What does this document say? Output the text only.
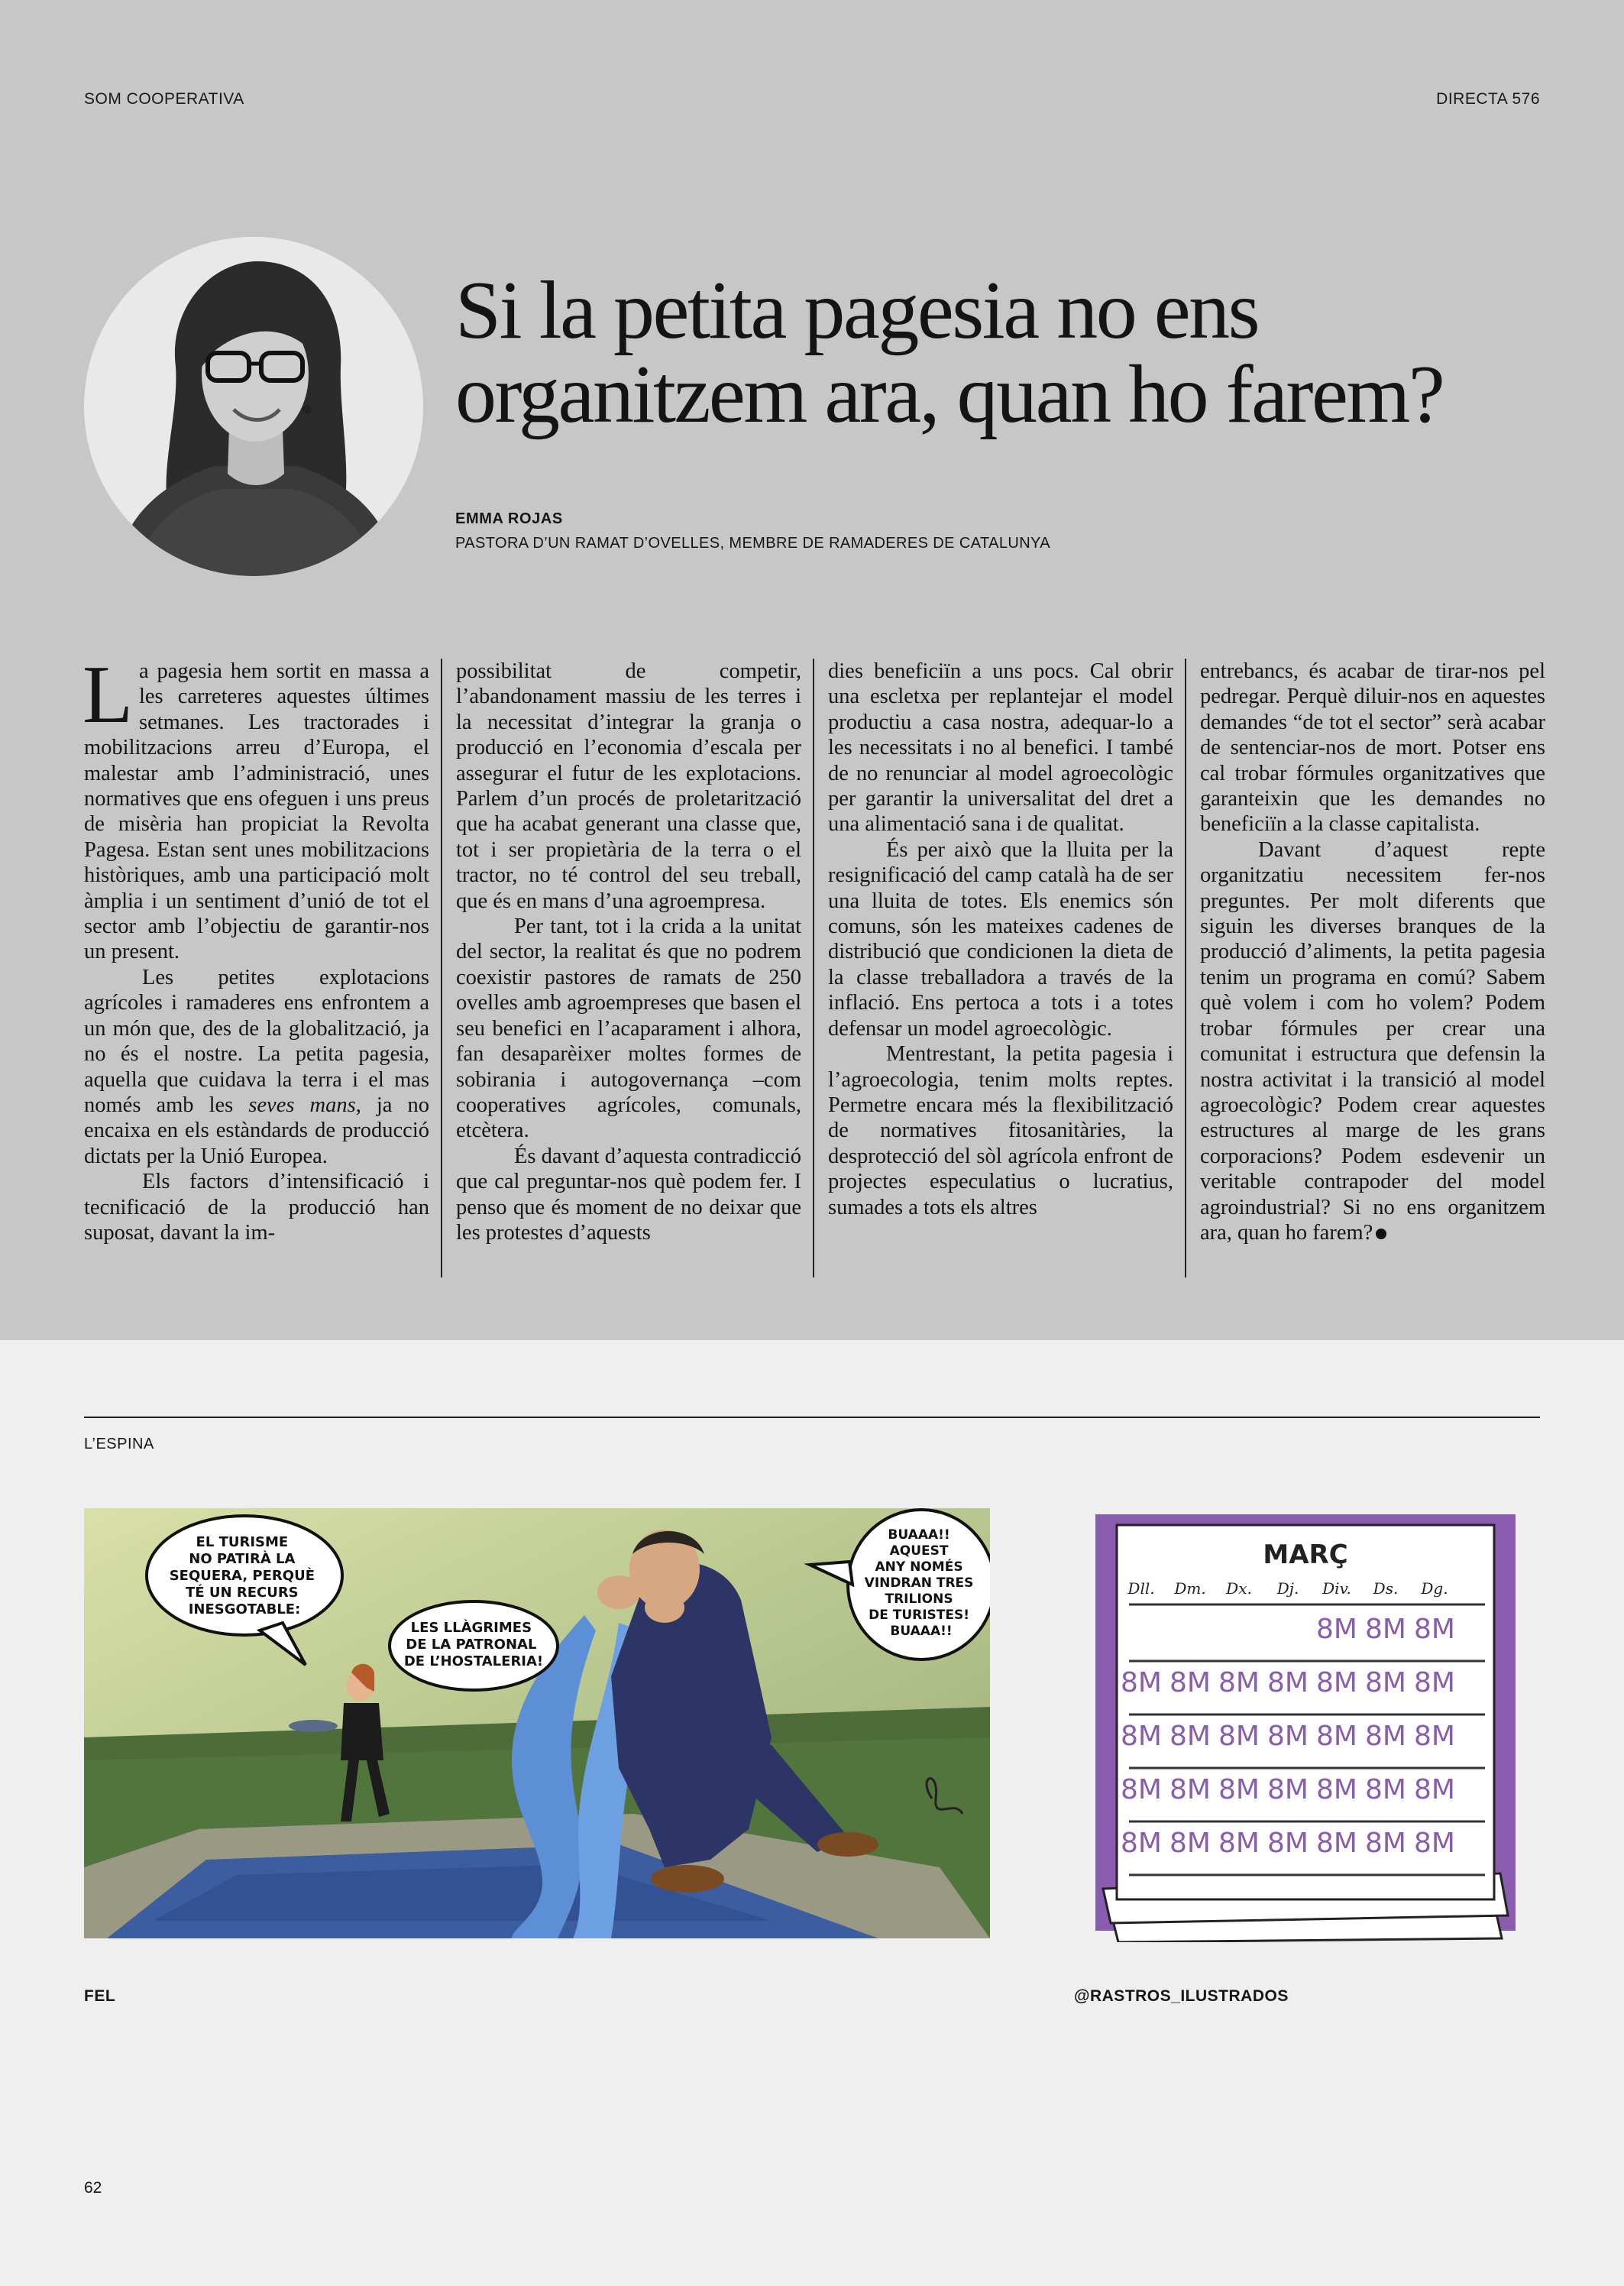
SOM COOPERATIVA	DIRECTA 576
Si la petita pagesia no ens organitzem ara, quan ho farem?
EMMA ROJAS
PASTORA D’UN RAMAT D’OVELLES, MEMBRE DE RAMADERES DE CATALUNYA

La pagesia hem sortit en massa a les carreteres aquestes últimes setmanes. Les tractorades i mobilitzacions arreu d’Europa, el malestar amb l’administració, unes normatives que ens ofeguen i uns preus de misèria han propiciat la Revolta Pagesa. Estan sent unes mobilitzacions històriques, amb una participació molt àmplia i un sentiment d’unió de tot el sector amb l’objectiu de garantir-nos un present.

Les petites explotacions agrícoles i ramaderes ens enfrontem a un món que, des de la globalització, ja no és el nostre. La petita pagesia, aquella que cuidava la terra i el mas només amb les seves mans, ja no encaixa en els estàndards de producció dictats per la Unió Europea.

Els factors d’intensificació i tecnificació de la producció han suposat, davant la im-

possibilitat de competir, l’abandonament massiu de les terres i la necessitat d’integrar la granja o producció en l’economia d’escala per assegurar el futur de les explotacions. Parlem d’un procés de proletarització que ha acabat generant una classe que, tot i ser propietària de la terra o el tractor, no té control del seu treball, que és en mans d’una agroempresa.

Per tant, tot i la crida a la unitat del sector, la realitat és que no podrem coexistir pastores de ramats de 250 ovelles amb agroempreses que basen el seu benefici en l’acaparament i alhora, fan desaparèixer moltes formes de sobirania i autogovernança –com cooperatives agrícoles, comunals, etcètera.

És davant d’aquesta contradicció que cal preguntar-nos què podem fer. I penso que és moment de no deixar que les protestes d’aquests

dies beneficiïn a uns pocs. Cal obrir una escletxa per replantejar el model productiu a casa nostra, adequar-lo a les necessitats i no al benefici. I també de no renunciar al model agroecològic per garantir la universalitat del dret a una alimentació sana i de qualitat.

És per això que la lluita per la resignificació del camp català ha de ser una lluita de totes. Els enemics són comuns, són les mateixes cadenes de distribució que condicionen la dieta de la classe treballadora a través de la inflació. Ens pertoca a tots i a totes defensar un model agroecològic.

Mentrestant, la petita pagesia i l’agroecologia, tenim molts reptes. Permetre encara més la flexibilització de normatives fitosanitàries, la desprotecció del sòl agrícola enfront de projectes especulatius o lucratius, sumades a tots els altres

entrebancs, és acabar de tirar-nos pel pedregar. Perquè diluir-nos en aquestes demandes “de tot el sector” serà acabar de sentenciar-nos de mort. Potser ens cal trobar fórmules organitzatives que garanteixin que les demandes no beneficiïn a la classe capitalista.

Davant d’aquest repte organitzatiu necessitem fer-nos preguntes. Per molt diferents que siguin les diverses branques de la producció d’aliments, la petita pagesia tenim un programa en comú? Sabem què volem i com ho volem? Podem trobar fórmules per crear una comunitat i estructura que defensin la nostra activitat i la transició al model agroecològic? Podem crear aquestes estructures al marge de les grans corporacions? Podem esdevenir un veritable contrapoder del model agroindustrial? Si no ens organitzem ara, quan ho farem?

L’ESPINA
EL TURISME NO PATIRÀ LA SEQUERA, PERQUÈ TÉ UN RECURS INESGOTABLE:
LES LLÀGRIMES DE LA PATRONAL DE L’HOSTALERIA!
BUAAA!! AQUEST ANY NOMÉS VINDRAN TRES TRILIONS DE TURISTES! BUAAA!!
MARÇ
Dll. Dm. Dx. Dj. Div. Ds. Dg.
8M 8M 8M
8M 8M 8M 8M 8M 8M 8M
8M 8M 8M 8M 8M 8M 8M
8M 8M 8M 8M 8M 8M 8M
8M 8M 8M 8M 8M 8M 8M
FEL	@RASTROS_ILUSTRADOS
62
